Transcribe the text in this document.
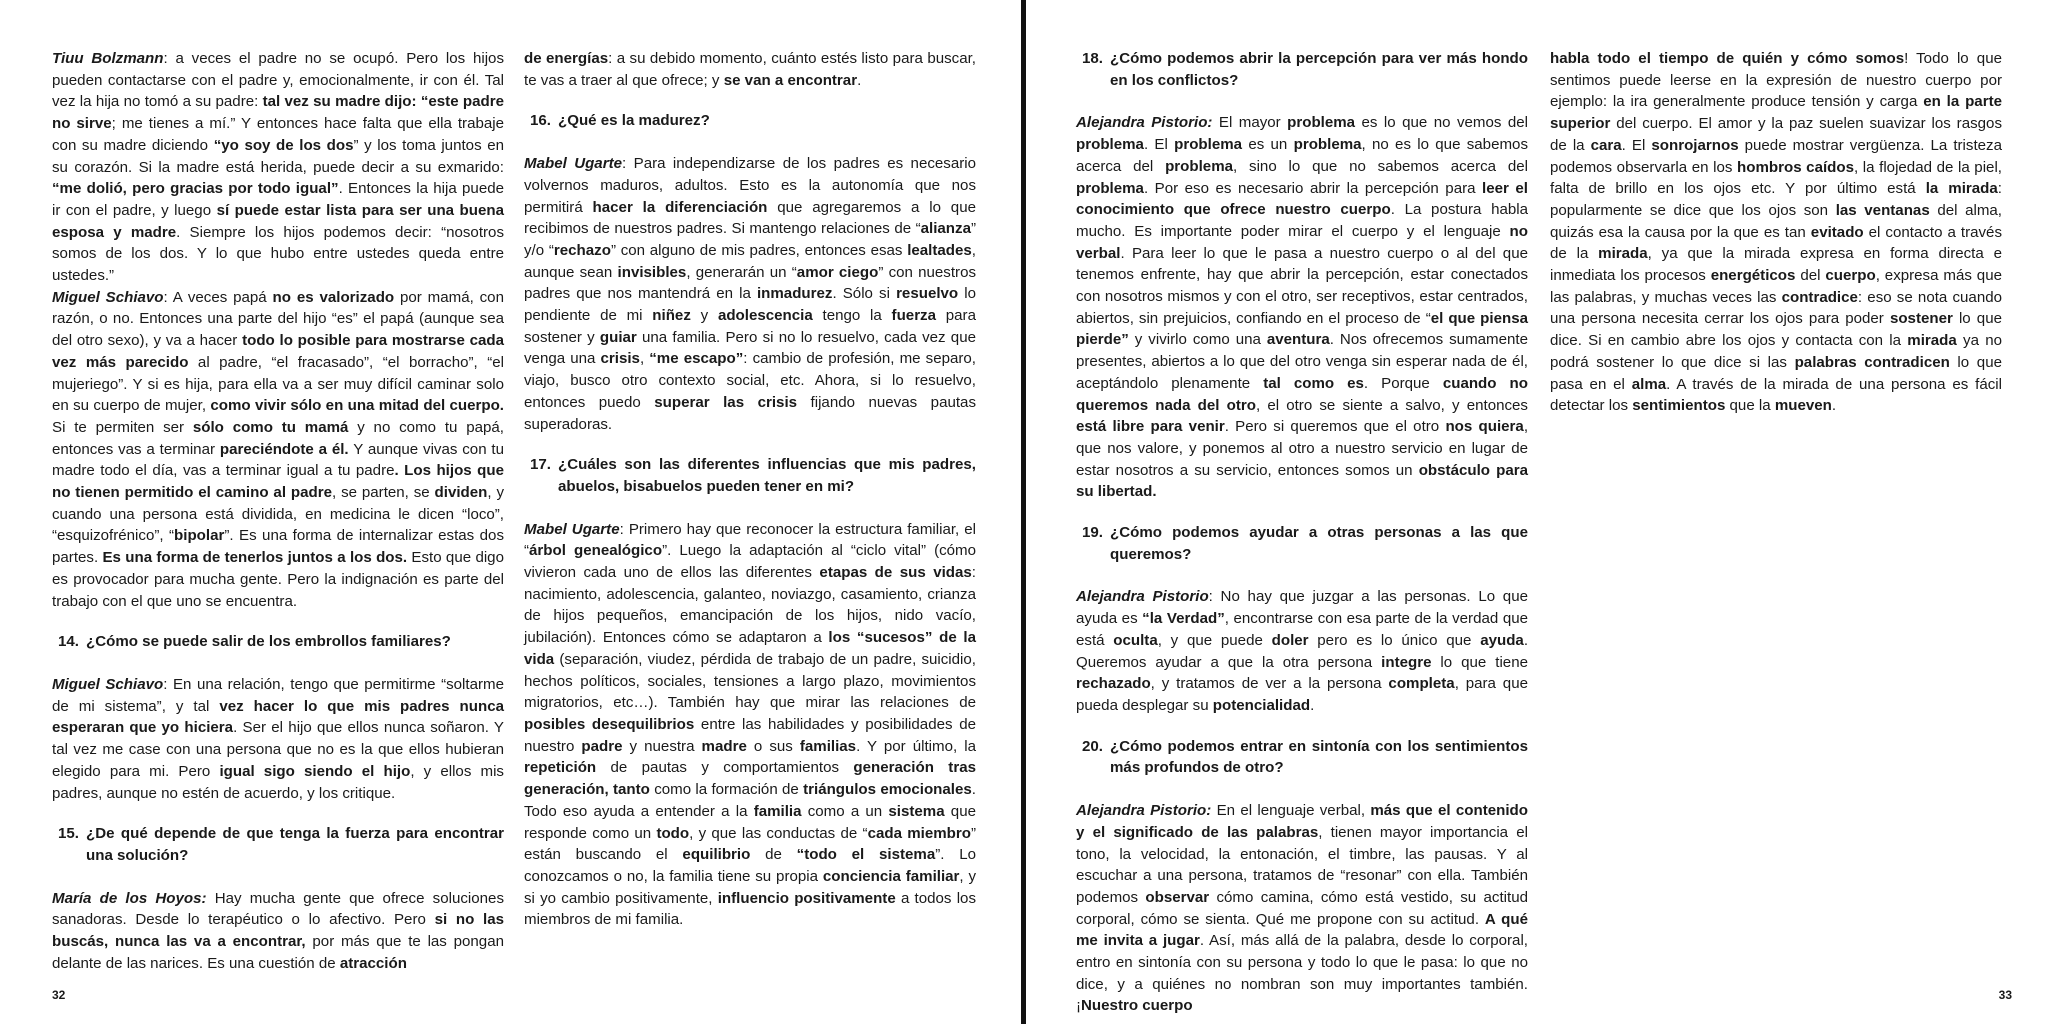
Tiuu Bolzmann: a veces el padre no se ocupó. Pero los hijos pueden contactarse con el padre y, emocionalmente, ir con él. Tal vez la hija no tomó a su padre: tal vez su madre dijo: “este padre no sirve; me tienes a mí.” Y entonces hace falta que ella trabaje con su madre diciendo “yo soy de los dos” y los toma juntos en su corazón. Si la madre está herida, puede decir a su exmarido: “me dolió, pero gracias por todo igual”. Entonces la hija puede ir con el padre, y luego sí puede estar lista para ser una buena esposa y madre. Siempre los hijos podemos decir: “nosotros somos de los dos. Y lo que hubo entre ustedes queda entre ustedes.”

Miguel Schiavo: A veces papá no es valorizado por mamá, con razón, o no. Entonces una parte del hijo “es” el papá (aunque sea del otro sexo), y va a hacer todo lo posible para mostrarse cada vez más parecido al padre, “el fracasado”, “el borracho”, “el mujeriego”. Y si es hija, para ella va a ser muy difícil caminar solo en su cuerpo de mujer, como vivir sólo en una mitad del cuerpo. Si te permiten ser sólo como tu mamá y no como tu papá, entonces vas a terminar pareciéndote a él. Y aunque vivas con tu madre todo el día, vas a terminar igual a tu padre. Los hijos que no tienen permitido el camino al padre, se parten, se dividen, y cuando una persona está dividida, en medicina le dicen “loco”, “esquizofrénico”, “bipolar”. Es una forma de internalizar estas dos partes. Es una forma de tenerlos juntos a los dos. Esto que digo es provocador para mucha gente. Pero la indignación es parte del trabajo con el que uno se encuentra.

14. ¿Cómo se puede salir de los embrollos familiares?

Miguel Schiavo: En una relación, tengo que permitirme “soltarme de mi sistema”, y tal vez hacer lo que mis padres nunca esperaran que yo hiciera. Ser el hijo que ellos nunca soñaron. Y tal vez me case con una persona que no es la que ellos hubieran elegido para mi. Pero igual sigo siendo el hijo, y ellos mis padres, aunque no estén de acuerdo, y los critique.

15. ¿De qué depende de que tenga la fuerza para encontrar una solución?

María de los Hoyos: Hay mucha gente que ofrece soluciones sanadoras. Desde lo terapéutico o lo afectivo. Pero si no las buscás, nunca las va a encontrar, por más que te las pongan delante de las narices. Es una cuestión de atracción

de energías: a su debido momento, cuánto estés listo para buscar, te vas a traer al que ofrece; y se van a encontrar.

16. ¿Qué es la madurez?

Mabel Ugarte: Para independizarse de los padres es necesario volvernos maduros, adultos. Esto es la autonomía que nos permitirá hacer la diferenciación que agregaremos a lo que recibimos de nuestros padres. Si mantengo relaciones de “alianza” y/o “rechazo” con alguno de mis padres, entonces esas lealtades, aunque sean invisibles, generarán un “amor ciego” con nuestros padres que nos mantendrá en la inmadurez. Sólo si resuelvo lo pendiente de mi niñez y adolescencia tengo la fuerza para sostener y guiar una familia. Pero si no lo resuelvo, cada vez que venga una crisis, “me escapo”: cambio de profesión, me separo, viajo, busco otro contexto social, etc. Ahora, si lo resuelvo, entonces puedo superar las crisis fijando nuevas pautas superadoras.

17. ¿Cuáles son las diferentes influencias que mis padres, abuelos, bisabuelos pueden tener en mi?

Mabel Ugarte: Primero hay que reconocer la estructura familiar, el “árbol genealógico”. Luego la adaptación al “ciclo vital” (cómo vivieron cada uno de ellos las diferentes etapas de sus vidas: nacimiento, adolescencia, galanteo, noviazgo, casamiento, crianza de hijos pequeños, emancipación de los hijos, nido vacío, jubilación). Entonces cómo se adaptaron a los “sucesos” de la vida (separación, viudez, pérdida de trabajo de un padre, suicidio, hechos políticos, sociales, tensiones a largo plazo, movimientos migratorios, etc…). También hay que mirar las relaciones de posibles desequilibrios entre las habilidades y posibilidades de nuestro padre y nuestra madre o sus familias. Y por último, la repetición de pautas y comportamientos generación tras generación, tanto como la formación de triángulos emocionales. Todo eso ayuda a entender a la familia como a un sistema que responde como un todo, y que las conductas de “cada miembro” están buscando el equilibrio de “todo el sistema”. Lo conozcamos o no, la familia tiene su propia conciencia familiar, y si yo cambio positivamente, influencio positivamente a todos los miembros de mi familia.

32
18. ¿Cómo podemos abrir la percepción para ver más hondo en los conflictos?

Alejandra Pistorio: El mayor problema es lo que no vemos del problema. El problema es un problema, no es lo que sabemos acerca del problema, sino lo que no sabemos acerca del problema. Por eso es necesario abrir la percepción para leer el conocimiento que ofrece nuestro cuerpo. La postura habla mucho. Es importante poder mirar el cuerpo y el lenguaje no verbal. Para leer lo que le pasa a nuestro cuerpo o al del que tenemos enfrente, hay que abrir la percepción, estar conectados con nosotros mismos y con el otro, ser receptivos, estar centrados, abiertos, sin prejuicios, confiando en el proceso de “el que piensa pierde” y vivirlo como una aventura. Nos ofrecemos sumamente presentes, abiertos a lo que del otro venga sin esperar nada de él, aceptándolo plenamente tal como es. Porque cuando no queremos nada del otro, el otro se siente a salvo, y entonces está libre para venir. Pero si queremos que el otro nos quiera, que nos valore, y ponemos al otro a nuestro servicio en lugar de estar nosotros a su servicio, entonces somos un obstáculo para su libertad.

19. ¿Cómo podemos ayudar a otras personas a las que queremos?

Alejandra Pistorio: No hay que juzgar a las personas. Lo que ayuda es “la Verdad”, encontrarse con esa parte de la verdad que está oculta, y que puede doler pero es lo único que ayuda. Queremos ayudar a que la otra persona integre lo que tiene rechazado, y tratamos de ver a la persona completa, para que pueda desplegar su potencialidad.

20. ¿Cómo podemos entrar en sintonía con los sentimientos más profundos de otro?

Alejandra Pistorio: En el lenguaje verbal, más que el contenido y el significado de las palabras, tienen mayor importancia el tono, la velocidad, la entonación, el timbre, las pausas. Y al escuchar a una persona, tratamos de “resonar” con ella. También podemos observar cómo camina, cómo está vestido, su actitud corporal, cómo se sienta. Qué me propone con su actitud. A qué me invita a jugar. Así, más allá de la palabra, desde lo corporal, entro en sintonía con su persona y todo lo que le pasa: lo que no dice, y a quiénes no nombran son muy importantes también. ¡Nuestro cuerpo

habla todo el tiempo de quién y cómo somos! Todo lo que sentimos puede leerse en la expresión de nuestro cuerpo por ejemplo: la ira generalmente produce tensión y carga en la parte superior del cuerpo. El amor y la paz suelen suavizar los rasgos de la cara. El sonrojarnos puede mostrar vergüenza. La tristeza podemos observarla en los hombros caídos, la flojedad de la piel, falta de brillo en los ojos etc. Y por último está la mirada: popularmente se dice que los ojos son las ventanas del alma, quizás esa la causa por la que es tan evitado el contacto a través de la mirada, ya que la mirada expresa en forma directa e inmediata los procesos energéticos del cuerpo, expresa más que las palabras, y muchas veces las contradice: eso se nota cuando una persona necesita cerrar los ojos para poder sostener lo que dice. Si en cambio abre los ojos y contacta con la mirada ya no podrá sostener lo que dice si las palabras contradicen lo que pasa en el alma. A través de la mirada de una persona es fácil detectar los sentimientos que la mueven.

33
